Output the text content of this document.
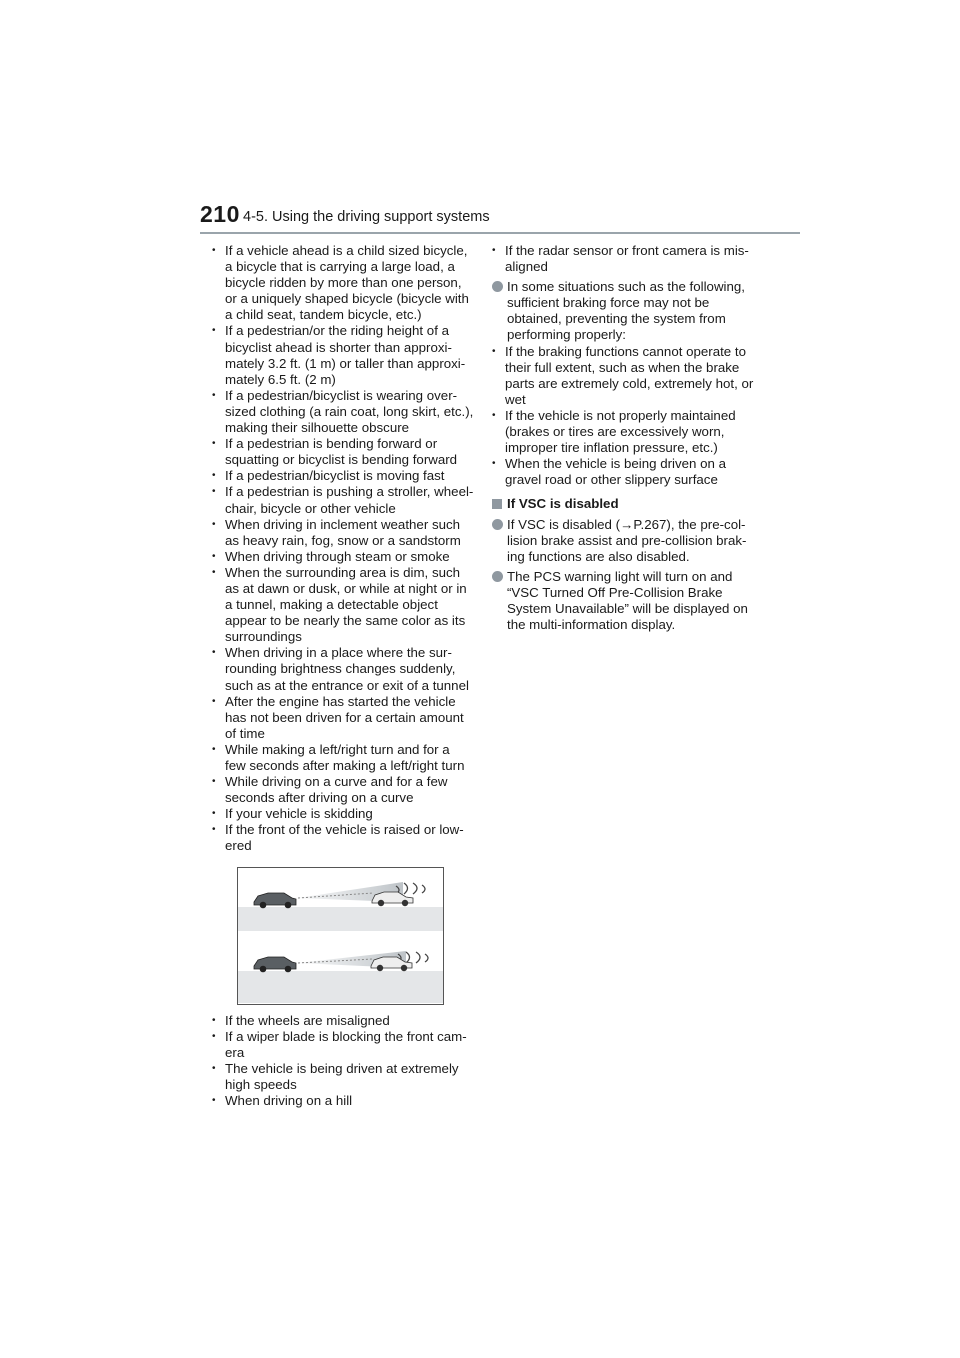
210 4-5. Using the driving support systems
• If a vehicle ahead is a child sized bicycle, a bicycle that is carrying a large load, a bicycle ridden by more than one person, or a uniquely shaped bicycle (bicycle with a child seat, tandem bicycle, etc.)
• If a pedestrian/or the riding height of a bicyclist ahead is shorter than approxi- mately 3.2 ft. (1 m) or taller than approxi- mately 6.5 ft. (2 m)
• If a pedestrian/bicyclist is wearing over- sized clothing (a rain coat, long skirt, etc.), making their silhouette obscure
• If a pedestrian is bending forward or squatting or bicyclist is bending forward
• If a pedestrian/bicyclist is moving fast
• If a pedestrian is pushing a stroller, wheel- chair, bicycle or other vehicle
• When driving in inclement weather such as heavy rain, fog, snow or a sandstorm
• When driving through steam or smoke
• When the surrounding area is dim, such as at dawn or dusk, or while at night or in a tunnel, making a detectable object appear to be nearly the same color as its surroundings
• When driving in a place where the sur- rounding brightness changes suddenly, such as at the entrance or exit of a tunnel
• After the engine has started the vehicle has not been driven for a certain amount of time
• While making a left/right turn and for a few seconds after making a left/right turn
• While driving on a curve and for a few seconds after driving on a curve
• If your vehicle is skidding
• If the front of the vehicle is raised or low- ered
• If the wheels are misaligned
• If a wiper blade is blocking the front cam- era
• The vehicle is being driven at extremely high speeds
• When driving on a hill
• If the radar sensor or front camera is mis- aligned
In some situations such as the following, sufficient braking force may not be obtained, preventing the system from performing properly:
• If the braking functions cannot operate to their full extent, such as when the brake parts are extremely cold, extremely hot, or wet
• If the vehicle is not properly maintained (brakes or tires are excessively worn, improper tire inflation pressure, etc.)
• When the vehicle is being driven on a gravel road or other slippery surface
If VSC is disabled
If VSC is disabled (→P.267), the pre-col- lision brake assist and pre-collision brak- ing functions are also disabled.
The PCS warning light will turn on and “VSC Turned Off Pre-Collision Brake System Unavailable” will be displayed on the multi-information display.
